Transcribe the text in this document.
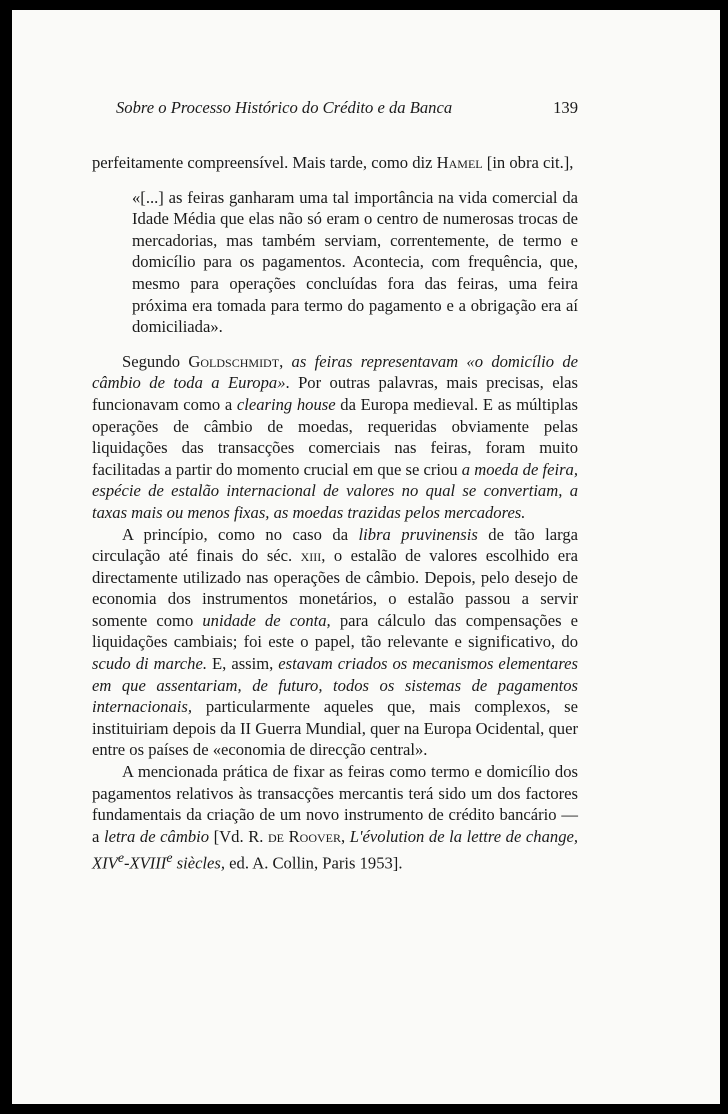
Sobre o Processo Histórico do Crédito e da Banca	139

perfeitamente compreensível. Mais tarde, como diz Hamel [in obra cit.],

«[...] as feiras ganharam uma tal importância na vida comercial da Idade Média que elas não só eram o centro de numerosas trocas de mercadorias, mas também serviam, correntemente, de termo e domicílio para os pagamentos. Acontecia, com frequência, que, mesmo para operações concluídas fora das feiras, uma feira próxima era tomada para termo do pagamento e a obrigação era aí domiciliada».

Segundo Goldschmidt, as feiras representavam «o domicílio de câmbio de toda a Europa». Por outras palavras, mais precisas, elas funcionavam como a clearing house da Europa medieval. E as múltiplas operações de câmbio de moedas, requeridas obviamente pelas liquidações das transacções comerciais nas feiras, foram muito facilitadas a partir do momento crucial em que se criou a moeda de feira, espécie de estalão internacional de valores no qual se convertiam, a taxas mais ou menos fixas, as moedas trazidas pelos mercadores.

A princípio, como no caso da libra pruvinensis de tão larga circulação até finais do séc. xiii, o estalão de valores escolhido era directamente utilizado nas operações de câmbio. Depois, pelo desejo de economia dos instrumentos monetários, o estalão passou a servir somente como unidade de conta, para cálculo das compensações e liquidações cambiais; foi este o papel, tão relevante e significativo, do scudo di marche. E, assim, estavam criados os mecanismos elementares em que assentariam, de futuro, todos os sistemas de pagamentos internacionais, particularmente aqueles que, mais complexos, se instituiriam depois da II Guerra Mundial, quer na Europa Ocidental, quer entre os países de «economia de direcção central».

A mencionada prática de fixar as feiras como termo e domicílio dos pagamentos relativos às transacções mercantis terá sido um dos factores fundamentais da criação de um novo instrumento de crédito bancário — a letra de câmbio [Vd. R. de Roover, L'évolution de la lettre de change, XIVe-XVIIIe siècles, ed. A. Collin, Paris 1953].
